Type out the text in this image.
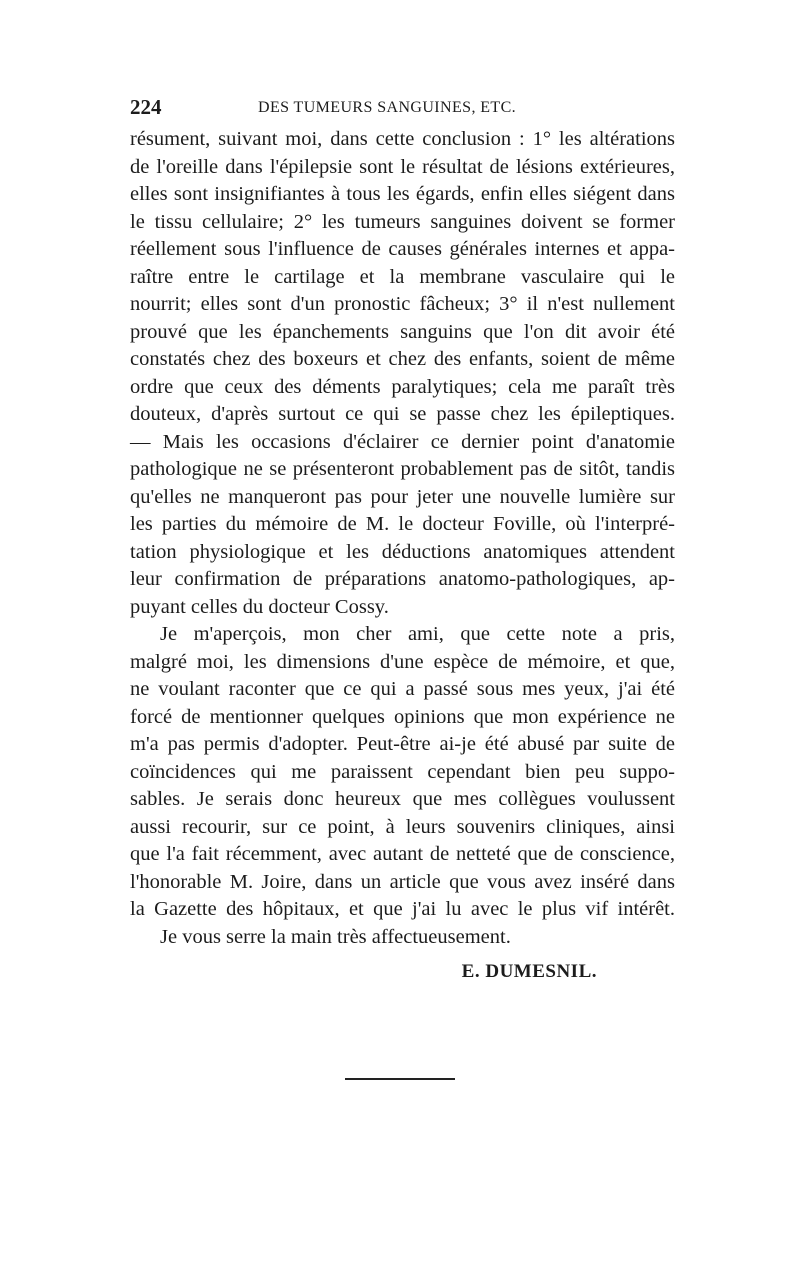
224	DES TUMEURS SANGUINES, ETC.
résument, suivant moi, dans cette conclusion : 1° les altérations
de l'oreille dans l'épilepsie sont le résultat de lésions extérieures,
elles sont insignifiantes à tous les égards, enfin elles siégent dans
le tissu cellulaire; 2° les tumeurs sanguines doivent se former
réellement sous l'influence de causes générales internes et appa-
raître entre le cartilage et la membrane vasculaire qui le
nourrit; elles sont d'un pronostic fâcheux; 3° il n'est nullement
prouvé que les épanchements sanguins que l'on dit avoir été
constatés chez des boxeurs et chez des enfants, soient de même
ordre que ceux des déments paralytiques; cela me paraît très
douteux, d'après surtout ce qui se passe chez les épileptiques.
— Mais les occasions d'éclairer ce dernier point d'anatomie
pathologique ne se présenteront probablement pas de sitôt, tandis
qu'elles ne manqueront pas pour jeter une nouvelle lumière sur
les parties du mémoire de M. le docteur Foville, où l'interpré-
tation physiologique et les déductions anatomiques attendent
leur confirmation de préparations anatomo-pathologiques, ap-
puyant celles du docteur Cossy.
Je m'aperçois, mon cher ami, que cette note a pris,
malgré moi, les dimensions d'une espèce de mémoire, et que,
ne voulant raconter que ce qui a passé sous mes yeux, j'ai été
forcé de mentionner quelques opinions que mon expérience ne
m'a pas permis d'adopter. Peut-être ai-je été abusé par suite de
coïncidences qui me paraissent cependant bien peu suppo-
sables. Je serais donc heureux que mes collègues voulussent
aussi recourir, sur ce point, à leurs souvenirs cliniques, ainsi
que l'a fait récemment, avec autant de netteté que de conscience,
l'honorable M. Joire, dans un article que vous avez inséré dans
la Gazette des hôpitaux, et que j'ai lu avec le plus vif intérêt.
Je vous serre la main très affectueusement.
E. DUMESNIL.
